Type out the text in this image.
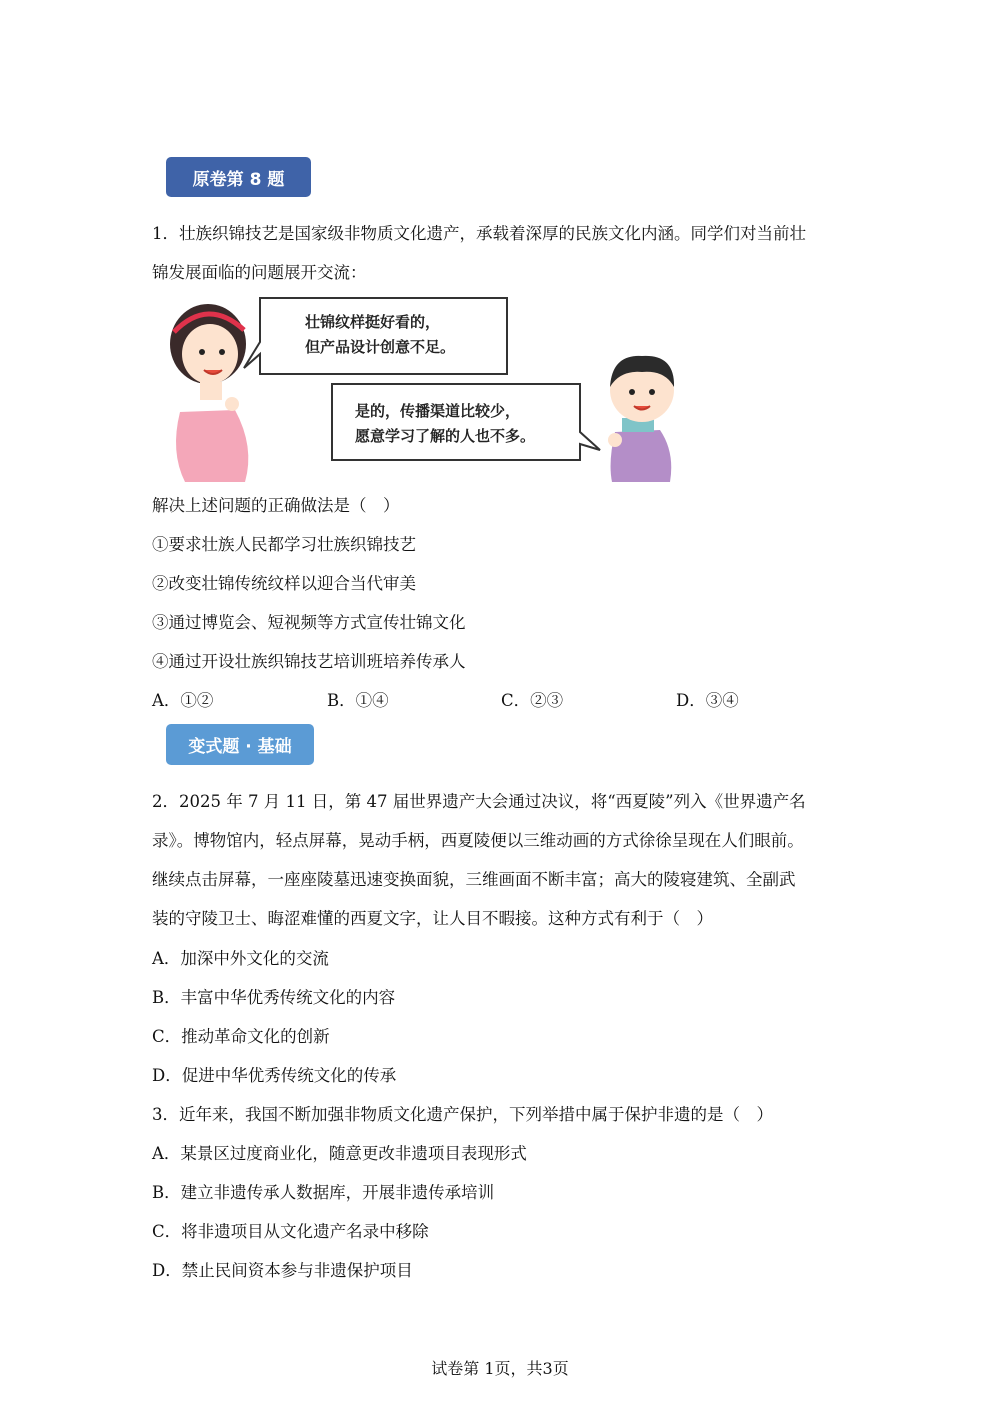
原卷第 8 题
1．壮族织锦技艺是国家级非物质文化遗产，承载着深厚的民族文化内涵。同学们对当前壮
锦发展面临的问题展开交流：
壮锦纹样挺好看的，
但产品设计创意不足。
是的，传播渠道比较少，
愿意学习了解的人也不多。
解决上述问题的正确做法是（　）
①要求壮族人民都学习壮族织锦技艺
②改变壮锦传统纹样以迎合当代审美
③通过博览会、短视频等方式宣传壮锦文化
④通过开设壮族织锦技艺培训班培养传承人
A．①②	B．①④	C．②③	D．③④
变式题 · 基础
2．2025 年 7 月 11 日，第 47 届世界遗产大会通过决议，将“西夏陵”列入《世界遗产名
录》。博物馆内，轻点屏幕，晃动手柄，西夏陵便以三维动画的方式徐徐呈现在人们眼前。
继续点击屏幕，一座座陵墓迅速变换面貌，三维画面不断丰富；高大的陵寝建筑、全副武
装的守陵卫士、晦涩难懂的西夏文字，让人目不暇接。这种方式有利于（　）
A．加深中外文化的交流
B．丰富中华优秀传统文化的内容
C．推动革命文化的创新
D．促进中华优秀传统文化的传承
3．近年来，我国不断加强非物质文化遗产保护，下列举措中属于保护非遗的是（　）
A．某景区过度商业化，随意更改非遗项目表现形式
B．建立非遗传承人数据库，开展非遗传承培训
C．将非遗项目从文化遗产名录中移除
D．禁止民间资本参与非遗保护项目
试卷第 1页，共3页
